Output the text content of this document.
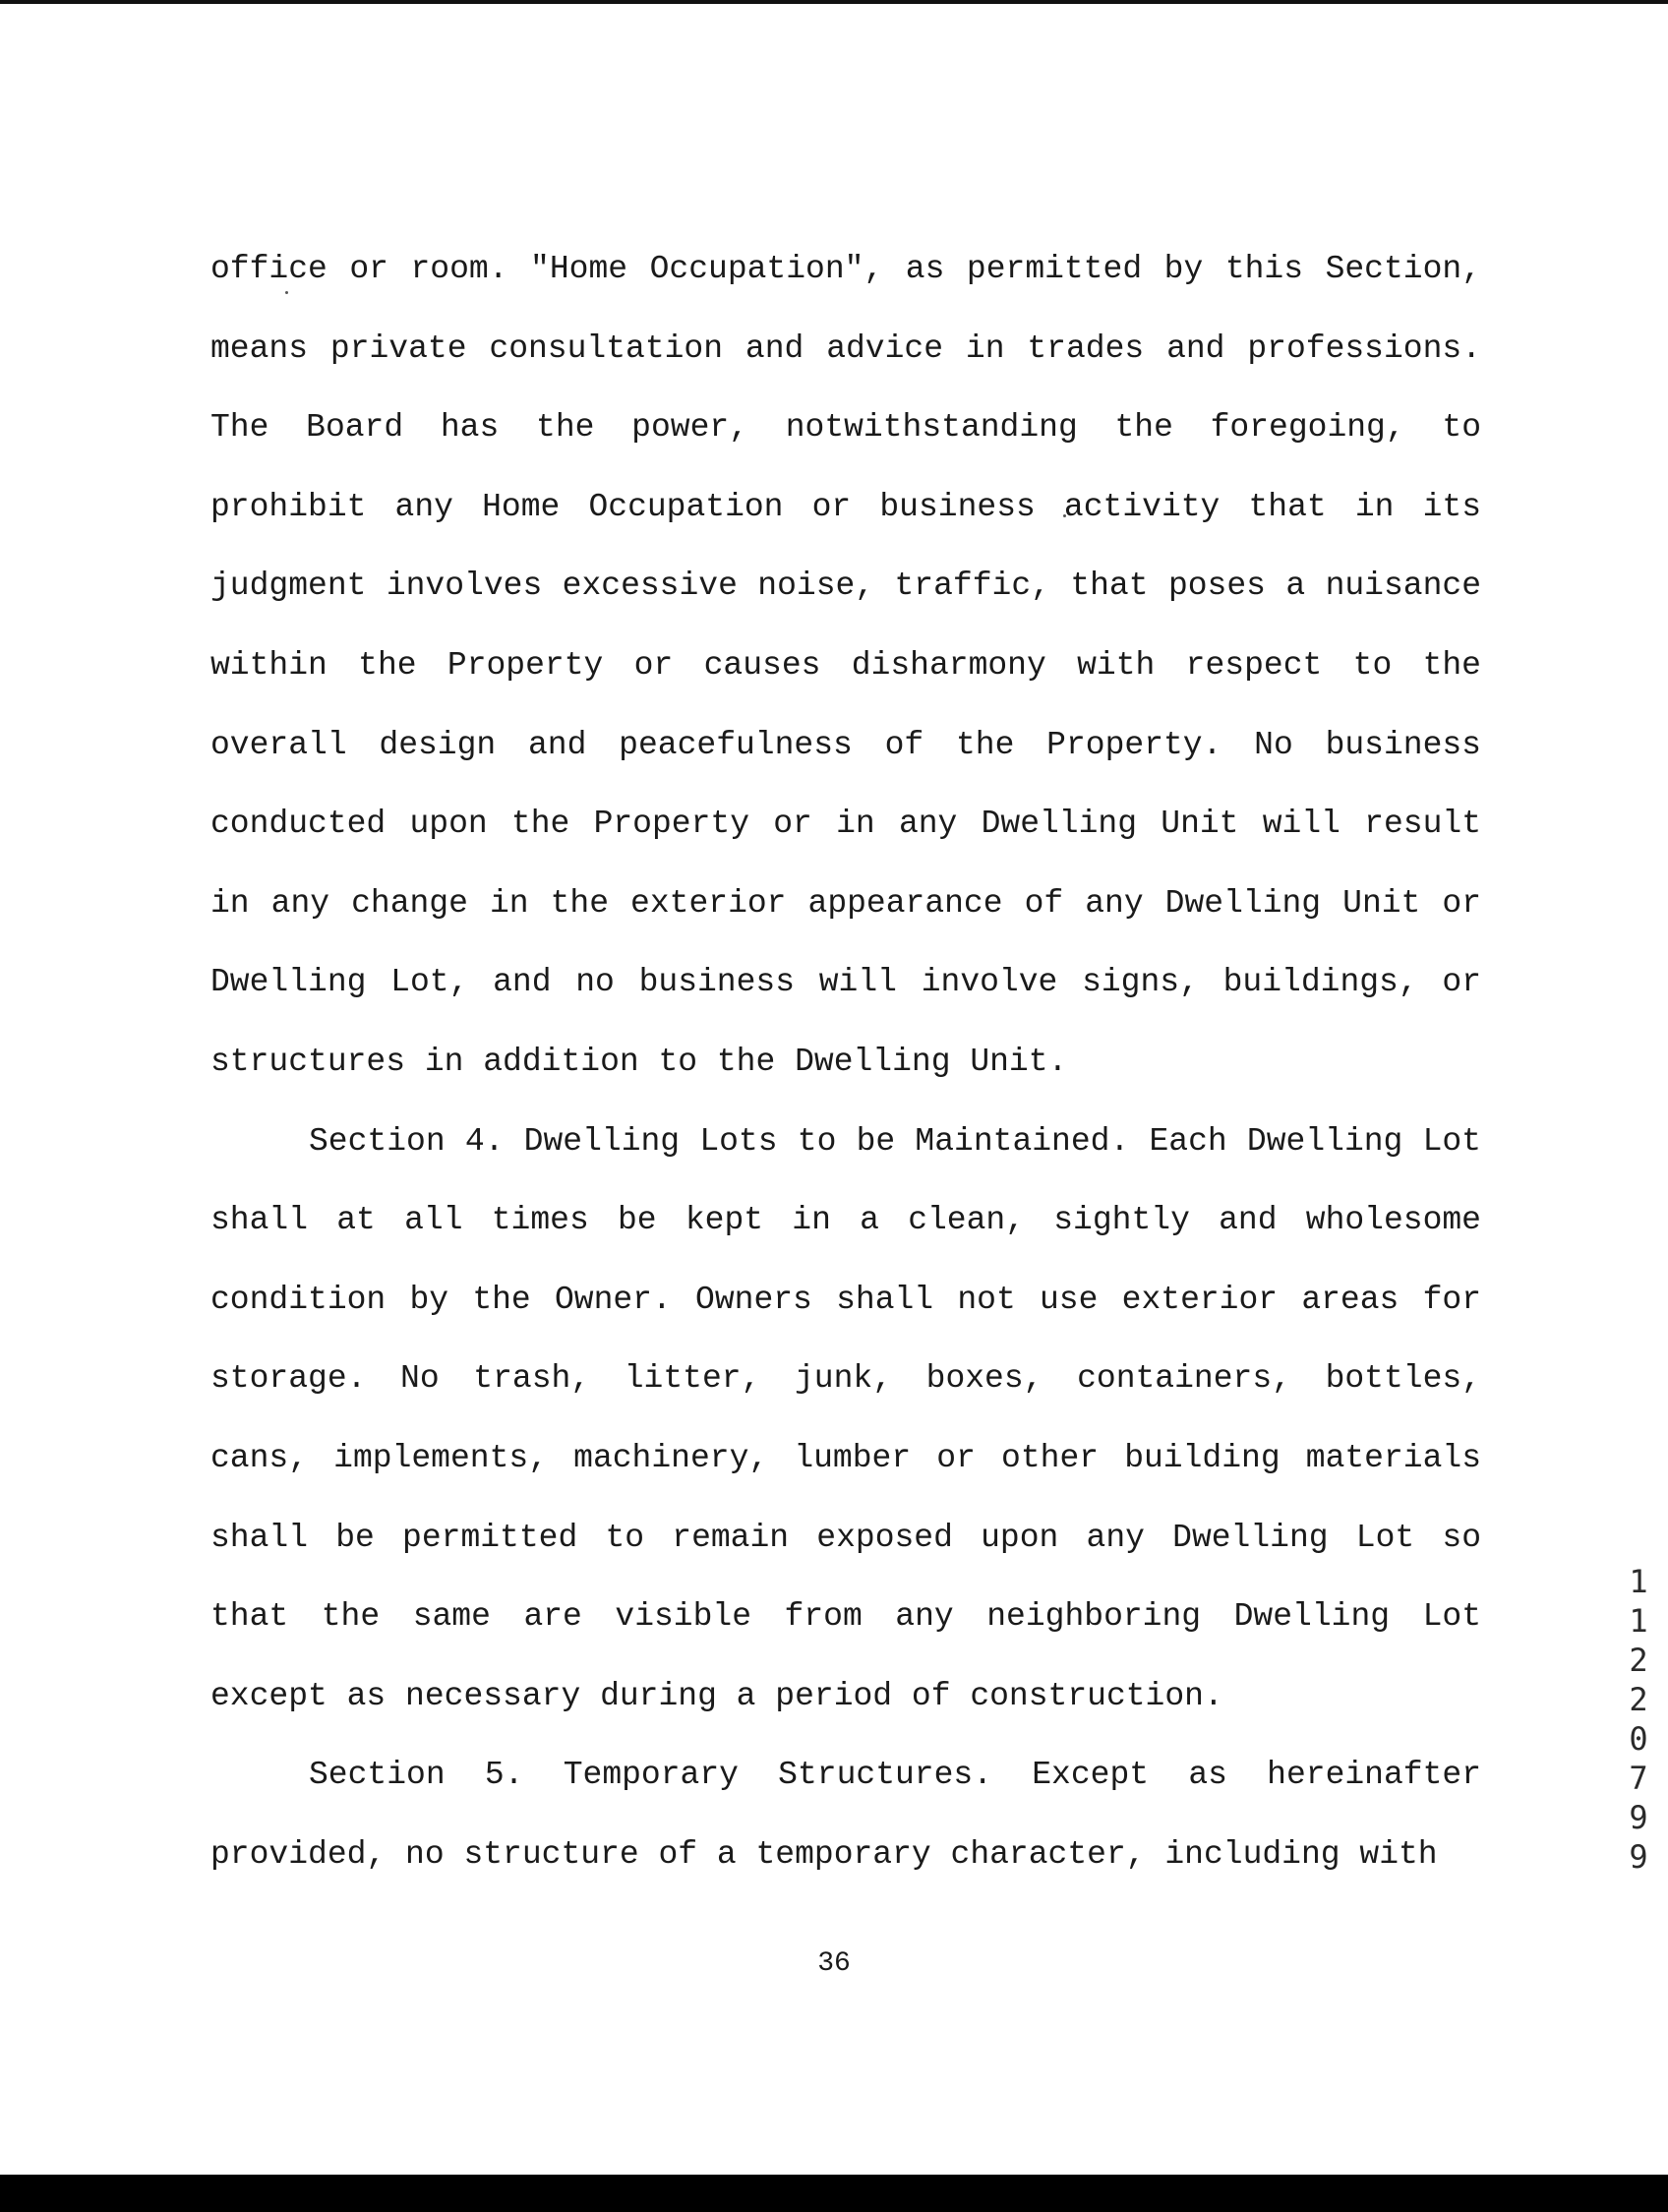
office or room. "Home Occupation", as permitted by this Section, means private consultation and advice in trades and professions. The Board has the power, notwithstanding the foregoing, to prohibit any Home Occupation or business activity that in its judgment involves excessive noise, traffic, that poses a nuisance within the Property or causes disharmony with respect to the overall design and peacefulness of the Property. No business conducted upon the Property or in any Dwelling Unit will result in any change in the exterior appearance of any Dwelling Unit or Dwelling Lot, and no business will involve signs, buildings, or structures in addition to the Dwelling Unit.

Section 4. Dwelling Lots to be Maintained. Each Dwelling Lot shall at all times be kept in a clean, sightly and wholesome condition by the Owner. Owners shall not use exterior areas for storage. No trash, litter, junk, boxes, containers, bottles, cans, implements, machinery, lumber or other building materials shall be permitted to remain exposed upon any Dwelling Lot so that the same are visible from any neighboring Dwelling Lot except as necessary during a period of construction.

Section 5. Temporary Structures. Except as hereinafter provided, no structure of a temporary character, including with

36
1
1
2
2
0
7
9
9
